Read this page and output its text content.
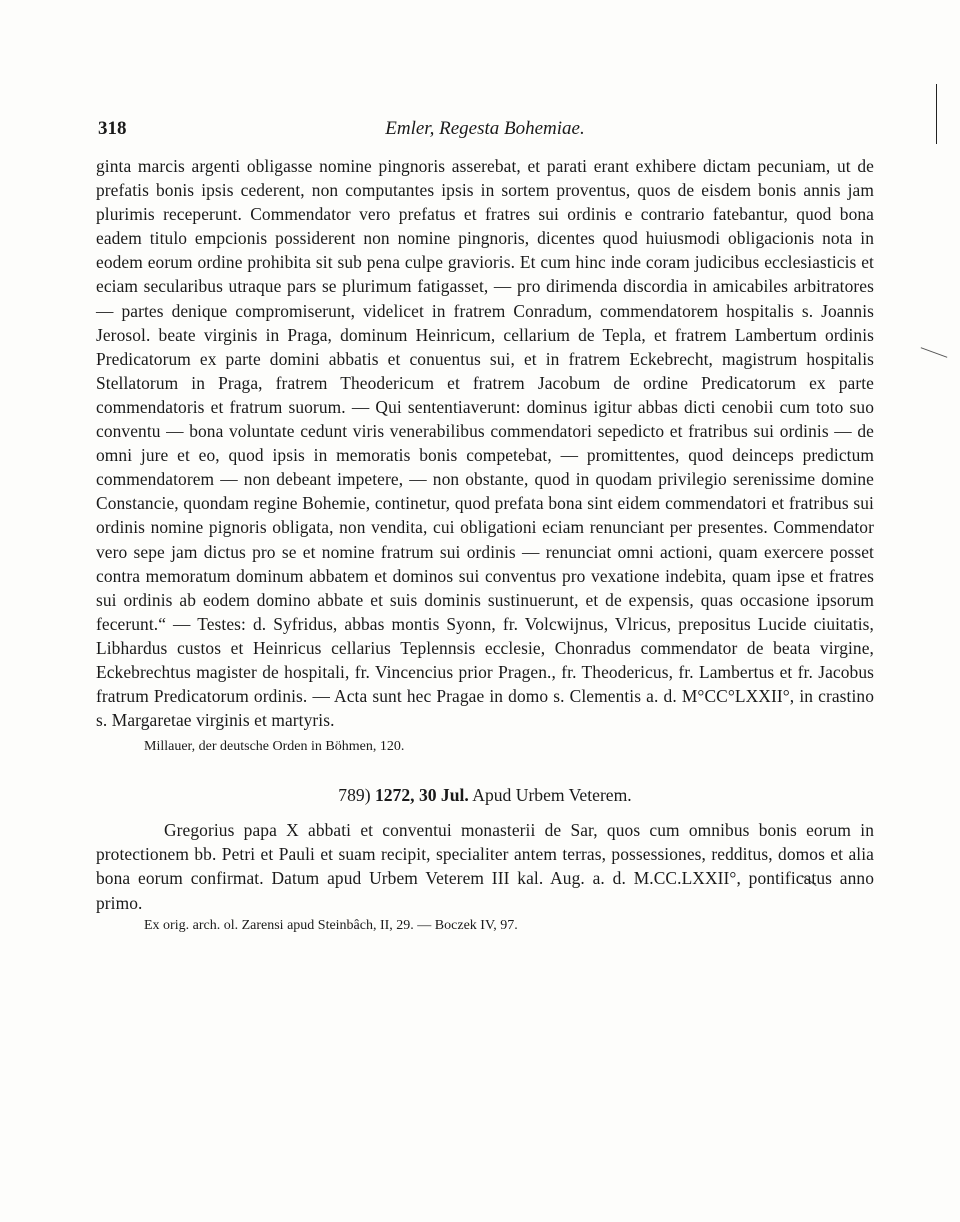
318	Emler, Regesta Bohemiae.

ginta marcis argenti obligasse nomine pingnoris asserebat, et parati erant exhibere dictam pecuniam, ut de prefatis bonis ipsis cederent, non computantes ipsis in sortem proventus, quos de eisdem bonis annis jam plurimis receperunt. Commendator vero prefatus et fratres sui ordinis e contrario fatebantur, quod bona eadem titulo empcionis possiderent non nomine pingnoris, dicentes quod huiusmodi obligacionis nota in eodem eorum ordine prohibita sit sub pena culpe gravioris. Et cum hinc inde coram judicibus ecclesiasticis et eciam secularibus utraque pars se plurimum fatigasset, — pro dirimenda discordia in amicabiles arbitratores — partes denique compromiserunt, videlicet in fratrem Conradum, commendatorem hospitalis s. Joannis Jerosol. beate virginis in Praga, dominum Heinricum, cellarium de Tepla, et fratrem Lambertum ordinis Predicatorum ex parte domini abbatis et conuentus sui, et in fratrem Eckebrecht, magistrum hospitalis Stellatorum in Praga, fratrem Theodericum et fratrem Jacobum de ordine Predicatorum ex parte commendatoris et fratrum suorum. — Qui sententiaverunt: dominus igitur abbas dicti cenobii cum toto suo conventu — bona voluntate cedunt viris venerabilibus commendatori sepedicto et fratribus sui ordinis — de omni jure et eo, quod ipsis in memoratis bonis competebat, — promittentes, quod deinceps predictum commendatorem — non debeant impetere, — non obstante, quod in quodam privilegio serenissime domine Constancie, quondam regine Bohemie, continetur, quod prefata bona sint eidem commendatori et fratribus sui ordinis nomine pignoris obligata, non vendita, cui obligationi eciam renunciant per presentes. Commendator vero sepe jam dictus pro se et nomine fratrum sui ordinis — renunciat omni actioni, quam exercere posset contra memoratum dominum abbatem et dominos sui conventus pro vexatione indebita, quam ipse et fratres sui ordinis ab eodem domino abbate et suis dominis sustinuerunt, et de expensis, quas occasione ipsorum fecerunt.“ — Testes: d. Syfridus, abbas montis Syonn, fr. Volcwijnus, Vlricus, prepositus Lucide ciuitatis, Libhardus custos et Heinricus cellarius Teplennsis ecclesie, Chonradus commendator de beata virgine, Eckebrechtus magister de hospitali, fr. Vincencius prior Pragen., fr. Theodericus, fr. Lambertus et fr. Jacobus fratrum Predicatorum ordinis. — Acta sunt hec Pragae in domo s. Clementis a. d. M°CC°LXXII°, in crastino s. Margaretae virginis et martyris.

Millauer, der deutsche Orden in Böhmen, 120.
789) 1272, 30 Jul. Apud Urbem Veterem.

Gregorius papa X abbati et conventui monasterii de Sar, quos cum omnibus bonis eorum in protectionem bb. Petri et Pauli et suam recipit, specialiter antem terras, possessiones, redditus, domos et alia bona eorum confirmat. Datum apud Urbem Veterem III kal. Aug. a. d. M.CC.LXXII°, pontificatus anno primo.

Ex orig. arch. ol. Zarensi apud Steinbâch, II, 29. — Boczek IV, 97.
